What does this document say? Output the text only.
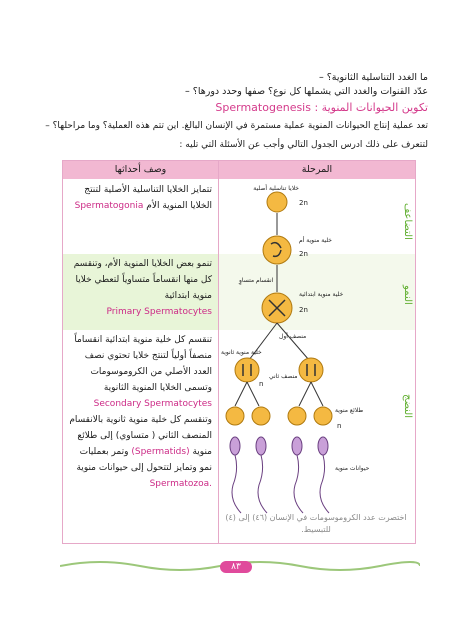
ما الغدد التناسلية الثانوية؟ –
عدّد القنوات والغدد التي يشملها كل نوع؟ صفها وحدد دورها؟ –
تكوين الحيوانات المنوية : Spermatogenesis
تعد عملية إنتاج الحيوانات المنوية عملية مستمرة في الإنسان البالغ. اين تتم هذه العملية؟ وما مراحلها؟ –
لتتعرف على ذلك ادرس الجدول التالي وأجب عن الأسئلة التي تليه :
وصف أحداثها	المرحلة
تتمايز الخلايا التناسلية الأصلية لتنتج الخلايا المنوية الأم Spermatogonia
تنمو بعض الخلايا المنوية الأم، وتنقسم كل منها انقساماً متساوياً لتعطي خلايا منوية ابتدائية
Primary Spermatocytes
تنقسم كل خلية منوية ابتدائية انقساماً منصفاً أولياً لتنتج خلايا تحتوي نصف العدد الأصلي من الكروموسومات وتسمى الخلايا المنوية الثانوية
Secondary Spermatocytes
وتنقسم كل خلية منوية ثانوية بالانقسام المنصف الثاني ( متساوي) إلى طلائع منوية (Spermatids) وتمر بعمليات نمو وتمايز لتتحول إلى حيوانات منوية Spermatozoa.
التضاعف
النمو
النضج
خلايا تناسلية أصلية
2n
خلية منوية أم
2n
انقسام متساوٍ
خلية منوية ابتدائية
2n
منصف أول
خلية منوية ثانوية
n
منصف ثاني
طلائع منوية
n
حيوانات منوية
اختصرت عدد الكروموسومات في الإنسان (٤٦) إلى (٤) للتبسيط.
٨٣
